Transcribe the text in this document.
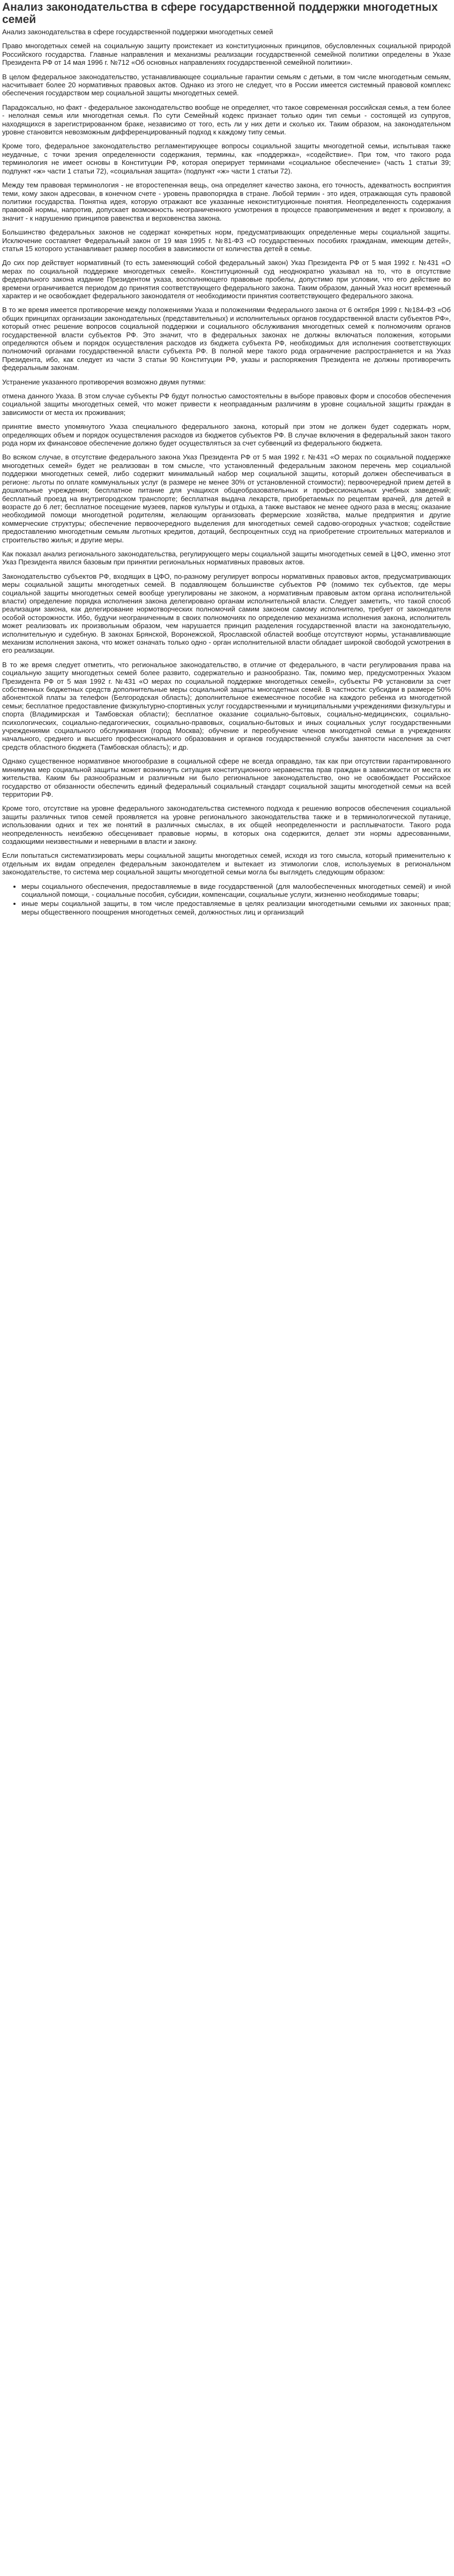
Анализ законодательства в сфере государственной поддержки многодетных семей

Анализ законодательства в сфере государственной поддержки многодетных семей

Право многодетных семей на социальную защиту проистекает из конституционных принципов, обусловленных социальной природой Российского государства. Главные направления и механизмы реализации государственной семейной политики определены в Указе Президента РФ от 14 мая 1996 г. №712 «Об основных направлениях государственной семейной политики».

В целом федеральное законодательство, устанавливающее социальные гарантии семьям с детьми, в том числе многодетным семьям, насчитывает более 20 нормативных правовых актов. Однако из этого не следует, что в России имеется системный правовой комплекс обеспечения государством мер социальной защиты многодетных семей.

Парадоксально, но факт - федеральное законодательство вообще не определяет, что такое современная российская семья, а тем более - нелолная семья или многодетная семья. По сути Семейный кодекс признает только один тип семьи - состоящей из супругов, находящихся в зарегистрированном браке, независимо от того, есть ли у них дети и сколько их. Таким образом, на законодательном уровне становится невозможным дифференцированный подход к каждому типу семьи.

Кроме того, федеральное законодательство регламентирующее вопросы социальной защиты многодетной семьи, испытывая также неудачные, с точки зрения определенности содержания, термины, как «поддержка», «содействие». При том, что такого рода терминология не имеет основы в Конституции РФ, которая оперирует терминами «социальное обеспечение» (часть 1 статьи 39; подпункт «ж» части 1 статьи 72), «социальная защита» (подпункт «ж» части 1 статьи 72).

Между тем правовая терминология - не второстепенная вещь, она определяет качество закона, его точность, адекватность восприятия теми, кому закон адресован, в конечном счете - уровень правопорядка в стране. Любой термин - это идея, отражающая суть правовой политики государства. Понятна идея, которую отражают все указанные неконституционные понятия. Неопределенность содержания правовой нормы, напротив, допускает возможность неограниченного усмотрения в процессе правоприменения и ведет к произволу, а значит - к нарушению принципов равенства и верховенства закона.

Большинство федеральных законов не содержат конкретных норм, предусматривающих определенные меры социальной защиты. Исключение составляет Федеральный закон от 19 мая 1995 г. №81-ФЗ «О государственных пособиях гражданам, имеющим детей», статья 15 которого устанавливает размер пособия в зависимости от количества детей в семье.

До сих пор действует нормативный (то есть заменяющий собой федеральный закон) Указ Президента РФ от 5 мая 1992 г. №431 «О мерах по социальной поддержке многодетных семей». Конституционный суд неоднократно указывал на то, что в отсутствие федерального закона издание Президентом указа, восполняющего правовые пробелы, допустимо при условии, что его действие во времени ограничивается периодом до принятия соответствующего федерального закона. Таким образом, данный Указ носит временный характер и не освобождает федерального законодателя от необходимости принятия соответствующего федерального закона.

В то же время имеется противоречие между положениями Указа и положениями Федерального закона от 6 октября 1999 г. №184-ФЗ «Об общих принципах организации законодательных (представительных) и исполнительных органов государственной власти субъектов РФ», который отнес решение вопросов социальной поддержки и социального обслуживания многодетных семей к полномочиям органов государственной власти субъектов РФ. Это значит, что в федеральных законах не должны включаться положения, которыми определяются объем и порядок осуществления расходов из бюджета субъекта РФ, необходимых для исполнения соответствующих полномочий органами государственной власти субъекта РФ. В полной мере такого рода ограничение распространяется и на Указ Президента, ибо, как следует из части 3 статьи 90 Конституции РФ, указы и распоряжения Президента не должны противоречить федеральным законам.

Устранение указанного противоречия возможно двумя путями:

отмена данного Указа. В этом случае субъекты РФ будут полностью самостоятельны в выборе правовых форм и способов обеспечения социальной защиты многодетных семей, что может привести к неоправданным различиям в уровне социальной защиты граждан в зависимости от места их проживания;

принятие вместо упомянутого Указа специального федерального закона, который при этом не должен будет содержать норм, определяющих объем и порядок осуществления расходов из бюджетов субъектов РФ. В случае включения в федеральный закон такого рода норм их финансовое обеспечение должно будет осуществляться за счет субвенций из федерального бюджета.

Во всяком случае, в отсутствие федерального закона Указ Президента РФ от 5 мая 1992 г. №431 «О мерах по социальной поддержке многодетных семей» будет не реализован в том смысле, что установленный федеральным законом перечень мер социальной поддержки многодетных семей, либо содержит минимальный набор мер социальной защиты, который должен обеспечиваться в регионе: льготы по оплате коммунальных услуг (в размере не менее 30% от установленной стоимости); первоочередной прием детей в дошкольные учреждения; бесплатное питание для учащихся общеобразовательных и профессиональных учебных заведений; бесплатный проезд на внутригородском транспорте; бесплатная выдача лекарств, приобретаемых по рецептам врачей, для детей в возрасте до 6 лет; бесплатное посещение музеев, парков культуры и отдыха, а также выставок не менее одного раза в месяц; оказание необходимой помощи многодетной родителям, желающим организовать фермерские хозяйства, малые предприятия и другие коммерческие структуры; обеспечение первоочередного выделения для многодетных семей садово-огородных участков; содействие предоставлению многодетным семьям льготных кредитов, дотаций, беспроцентных ссуд на приобретение строительных материалов и строительство жилья; и другие меры.

Как показал анализ регионального законодательства, регулирующего меры социальной защиты многодетных семей в ЦФО, именно этот Указ Президента явился базовым при принятии региональных нормативных правовых актов.

Законодательство субъектов РФ, входящих в ЦФО, по-разному регулирует вопросы нормативных правовых актов, предусматривающих меры социальной защиты многодетных семей. В подавляющем большинстве субъектов РФ (помимо тех субъектов, где меры социальной защиты многодетных семей вообще урегулированы не законом, а нормативным правовым актом органа исполнительной власти) определение порядка исполнения закона делегировано органам исполнительной власти. Следует заметить, что такой способ реализации закона, как делегирование нормотворческих полномочий самим законом самому исполнителю, требует от законодателя особой осторожности. Ибо, будучи неограниченным в своих полномочиях по определению механизма исполнения закона, исполнитель может реализовать их произвольным образом, чем нарушается принцип разделения государственной власти на законодательную, исполнительную и судебную. В законах Брянской, Воронежской, Ярославской областей вообще отсутствуют нормы, устанавливающие механизм исполнения закона, что может означать только одно - орган исполнительной власти обладает широкой свободой усмотрения в его реализации.

В то же время следует отметить, что региональное законодательство, в отличие от федерального, в части регулирования права на социальную защиту многодетных семей более развито, содержательно и разнообразно. Так, помимо мер, предусмотренных Указом Президента РФ от 5 мая 1992 г. №431 «О мерах по социальной поддержке многодетных семей», субъекты РФ установили за счет собственных бюджетных средств дополнительные меры социальной защиты многодетных семей. В частности: субсидии в размере 50% абонентской платы за телефон (Белгородская область); дополнительное ежемесячное пособие на каждого ребенка из многодетной семьи; бесплатное предоставление физкультурно-спортивных услуг государственными и муниципальными учреждениями физкультуры и спорта (Владимирская и Тамбовская области); бесплатное оказание социально-бытовых, социально-медицинских, социально-психологических, социально-педагогических, социально-правовых, социально-бытовых и иных социальных услуг государственными учреждениями социального обслуживания (город Москва); обучение и переобучение членов многодетной семьи в учреждениях начального, среднего и высшего профессионального образования и органов государственной службы занятости населения за счет средств областного бюджета (Тамбовская область); и др.

Однако существенное нормативное многообразие в социальной сфере не всегда оправдано, так как при отсутствии гарантированного минимума мер социальной защиты может возникнуть ситуация конституционного неравенства прав граждан в зависимости от места их жительства. Каким бы разнообразным и различным ни было региональное законодательство, оно не освобождает Российское государство от обязанности обеспечить единый федеральный социальный стандарт социальной защиты многодетной семьи на всей территории РФ.

Кроме того, отсутствие на уровне федерального законодательства системного подхода к решению вопросов обеспечения социальной защиты различных типов семей проявляется на уровне регионального законодательства также и в терминологической путанице, использовании одних и тех же понятий в различных смыслах, в их общей неопределенности и расплывчатости. Такого рода неопределенность неизбежно обесценивает правовые нормы, в которых она содержится, делает эти нормы адресованными, создающими неизвестными и неверными в власти и закону.

Если попытаться систематизировать меры социальной защиты многодетных семей, исходя из того смысла, который применительно к отдельным их видам определен федеральным законодателем и вытекает из этимологии слов, используемых в региональном законодательстве, то система мер социальной защиты многодетной семьи могла бы выглядеть следующим образом:

• меры социального обеспечения, предоставляемые в виде государственной (для малообеспеченных многодетных семей) и иной социальной помощи, - социальные пособия, субсидии, компенсации, социальные услуги, жизненно необходимые товары;
• иные меры социальной защиты, в том числе предоставляемые в целях реализации многодетными семьями их законных прав; меры общественного поощрения многодетных семей, должностных лиц и организаций
